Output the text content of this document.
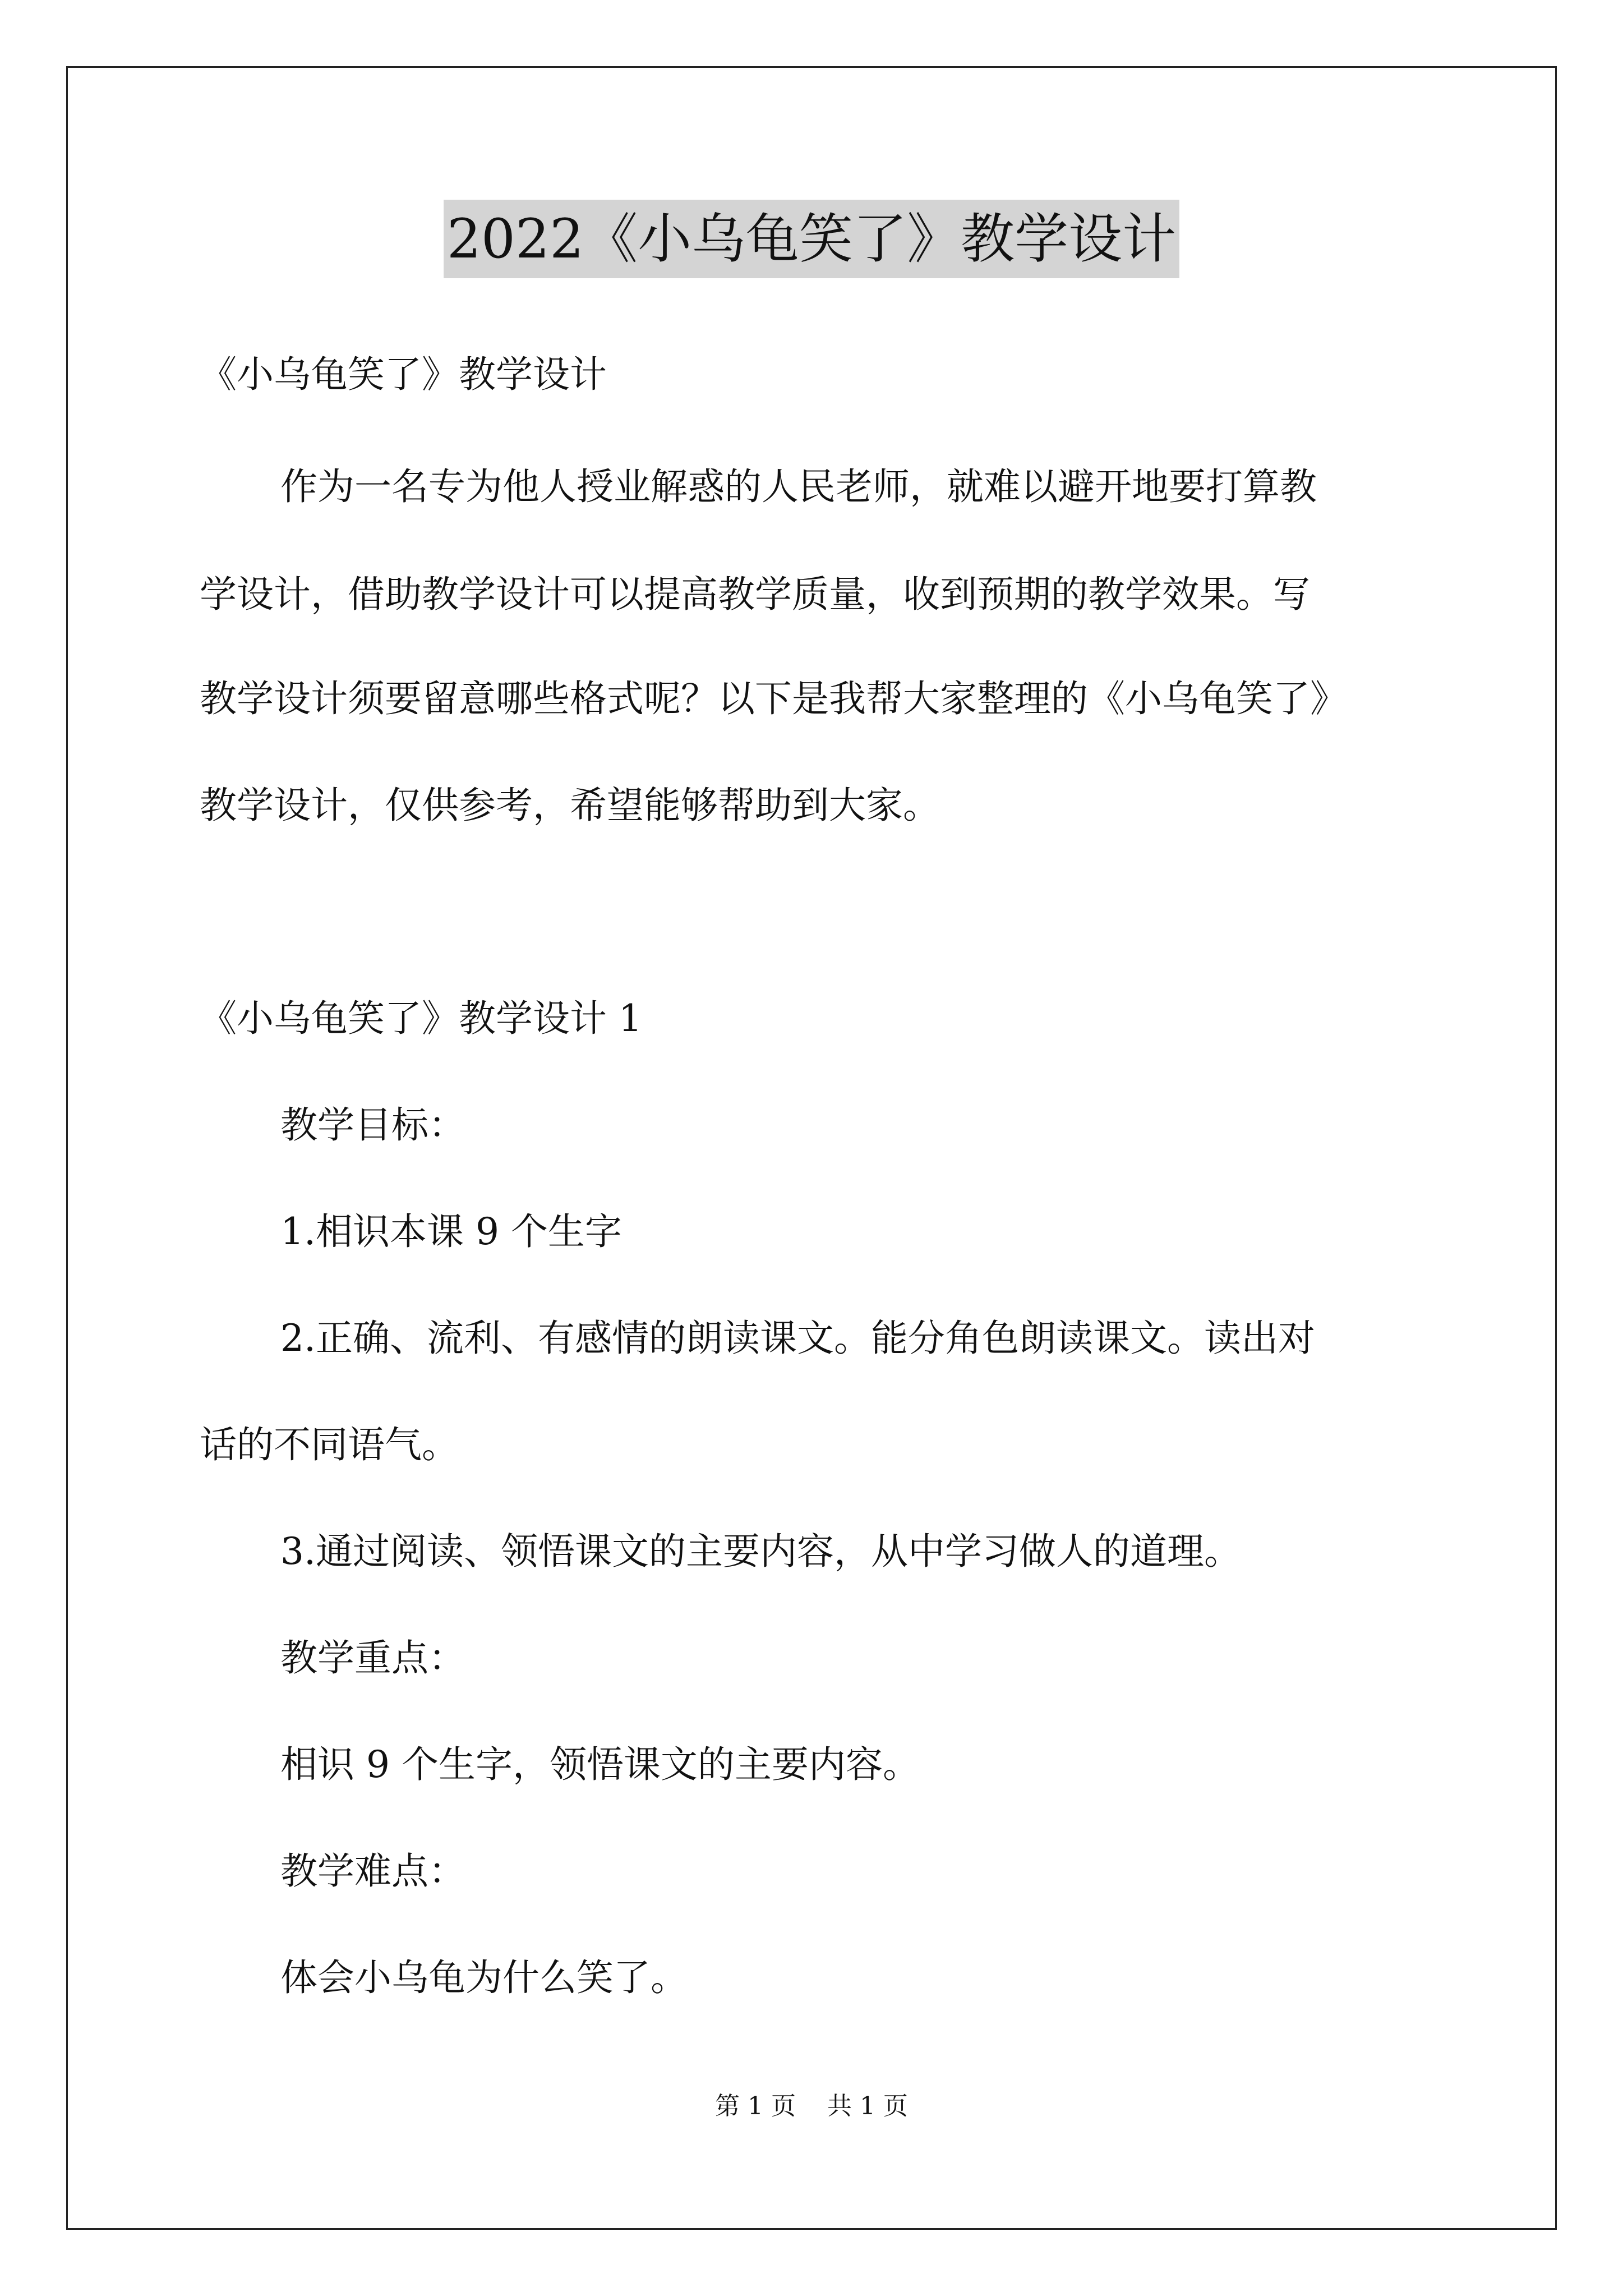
2022《小乌龟笑了》教学设计
《小乌龟笑了》教学设计
作为一名专为他人授业解惑的人民老师，就难以避开地要打算教
学设计，借助教学设计可以提高教学质量，收到预期的教学效果。写
教学设计须要留意哪些格式呢？以下是我帮大家整理的《小乌龟笑了》
教学设计，仅供参考，希望能够帮助到大家。
《小乌龟笑了》教学设计 1
教学目标：
1.相识本课 9 个生字
2.正确、流利、有感情的朗读课文。能分角色朗读课文。读出对
话的不同语气。
3.通过阅读、领悟课文的主要内容，从中学习做人的道理。
教学重点：
相识 9 个生字，领悟课文的主要内容。
教学难点：
体会小乌龟为什么笑了。
第 1 页    共 1 页
